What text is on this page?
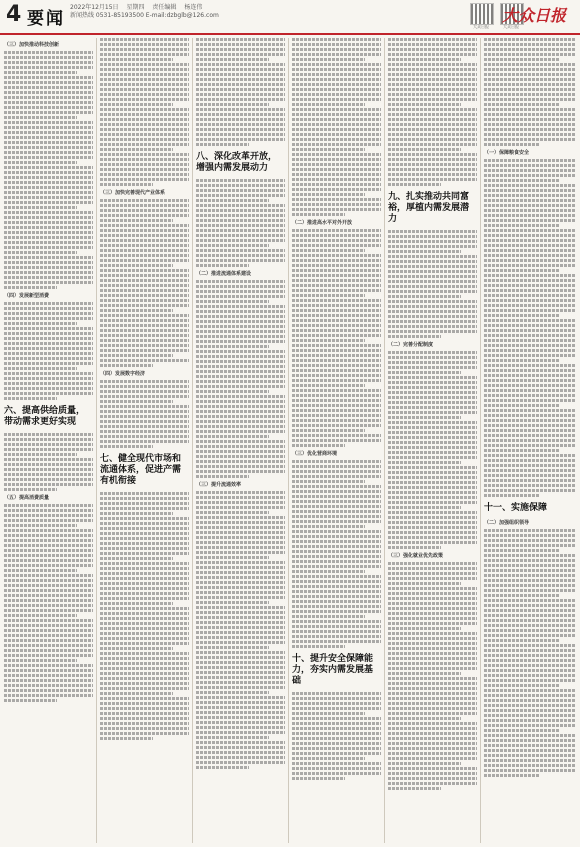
4 要闻
2022年12月15日 星期四 责任编辑 杨连伟
新闻热线 0531-85193500 E-mail:dzbglb@126.com
大众日报	大众日报
大众日报
（三）加快推动科技创新
（四）发展新型消费
六、提高供给质量，带动需求更好实现
（五）提高消费质量
（三）加快完善现代产业体系
（四）发展数字经济
七、健全现代市场和流通体系，促进产需有机衔接
八、深化改革开放，增强内需发展动力
（二）推进流通体系建设
（三）提升流通效率
（二）推进高水平对外开放
（三）优化营商环境
十、提升安全保障能力，夯实内需发展基础
九、扎实推动共同富裕，厚植内需发展潜力
（二）完善分配制度
（三）强化就业优先政策
（一）保障粮食安全
十一、实施保障
（二）加强组织领导
